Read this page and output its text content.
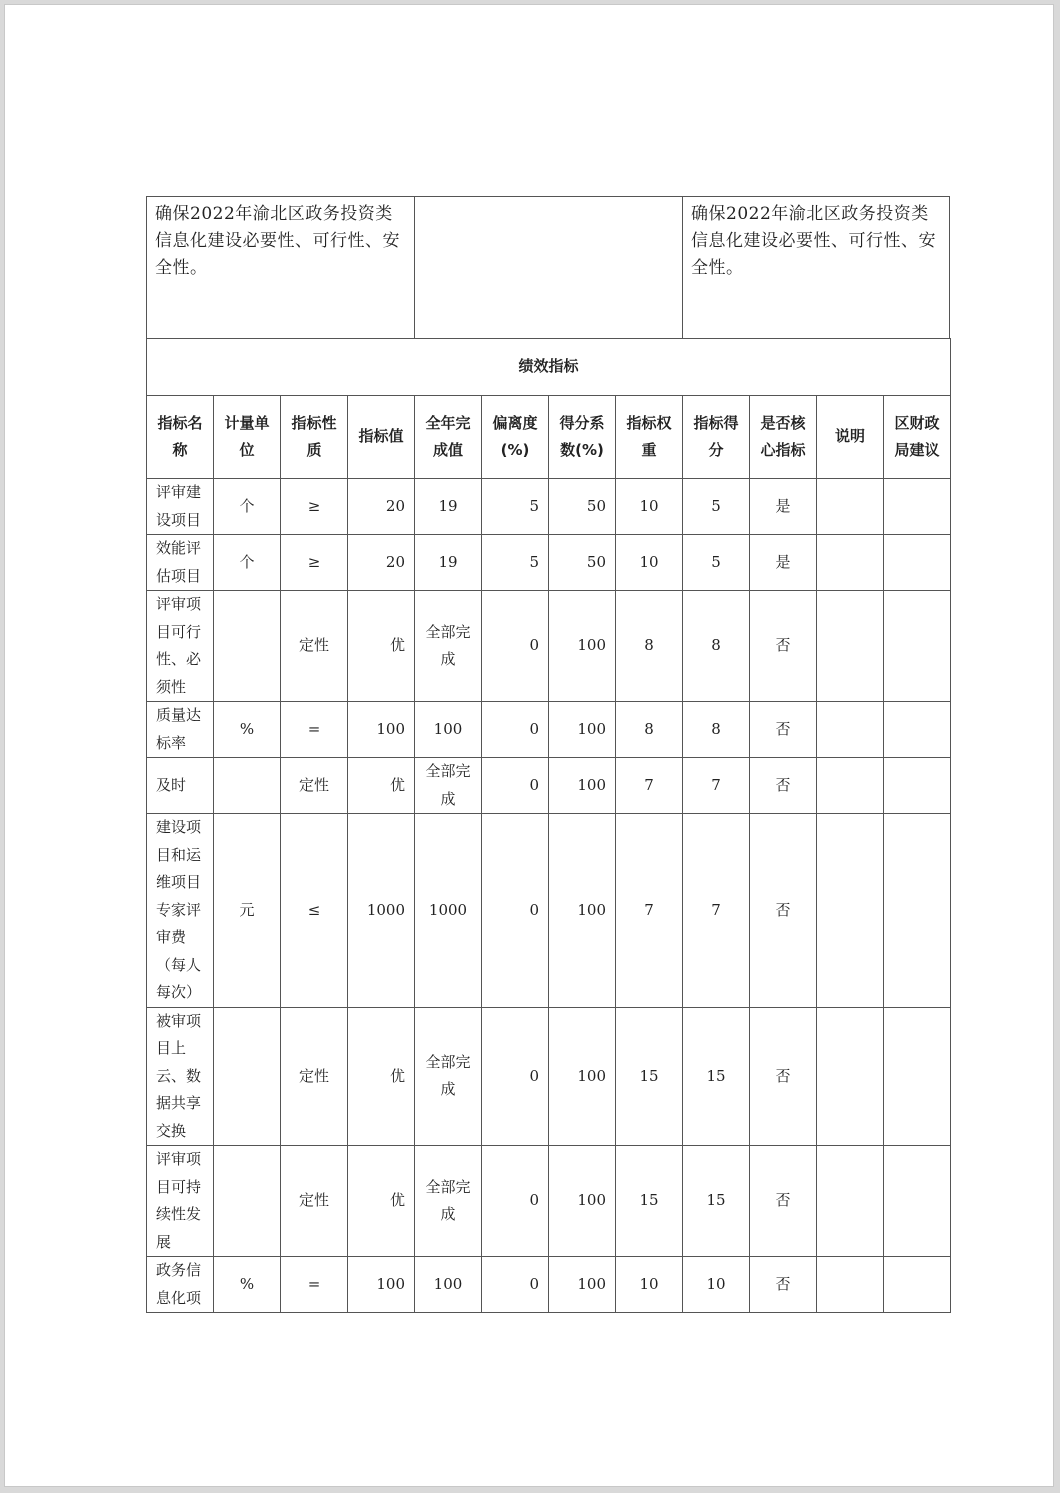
确保2022年渝北区政务投资类信息化建设必要性、可行性、安全性。
确保2022年渝北区政务投资类信息化建设必要性、可行性、安全性。
绩效指标											
指标名称	计量单位	指标性质	指标值	全年完成值	偏离度(%)	得分系数(%)	指标权重	指标得分	是否核心指标	说明	区财政局建议
评审建设项目	个	≥	20	19	5	50	10	5	是		
效能评估项目	个	≥	20	19	5	50	10	5	是		
评审项目可行性、必须性		定性	优	全部完成	0	100	8	8	否		
质量达标率	%	=	100	100	0	100	8	8	否		
及时		定性	优	全部完成	0	100	7	7	否		
建设项目和运维项目专家评审费（每人每次）	元	≤	1000	1000	0	100	7	7	否		
被审项目上云、数据共享交换		定性	优	全部完成	0	100	15	15	否		
评审项目可持续性发展		定性	优	全部完成	0	100	15	15	否		
政务信息化项	%	=	100	100	0	100	10	10	否		
